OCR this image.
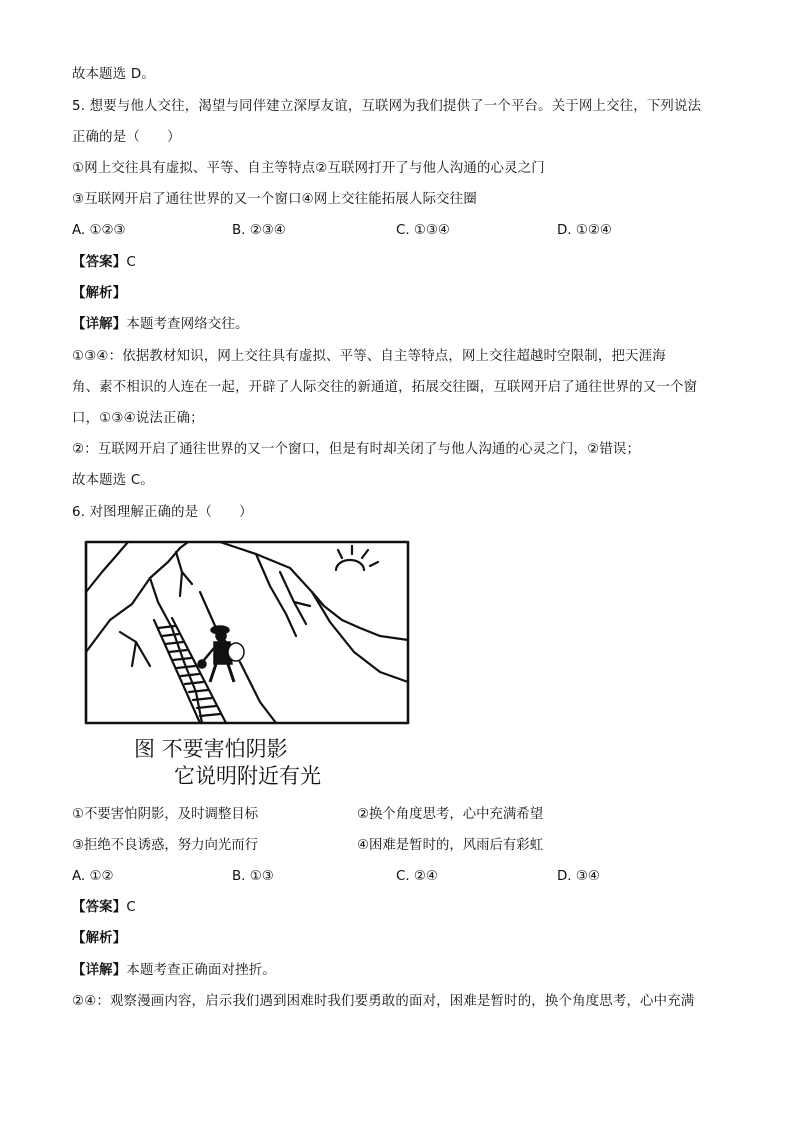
故本题选 D。
5. 想要与他人交往，渴望与同伴建立深厚友谊，互联网为我们提供了一个平台。关于网上交往，下列说法
正确的是（　　）
①网上交往具有虚拟、平等、自主等特点②互联网打开了与他人沟通的心灵之门
③互联网开启了通往世界的又一个窗口④网上交往能拓展人际交往圈
A. ①②③	B. ②③④	C. ①③④	D. ①②④
【答案】C
【解析】
【详解】本题考查网络交往。
①③④：依据教材知识，网上交往具有虚拟、平等、自主等特点，网上交往超越时空限制，把天涯海
角、素不相识的人连在一起，开辟了人际交往的新通道，拓展交往圈，互联网开启了通往世界的又一个窗
口，①③④说法正确；
②：互联网开启了通往世界的又一个窗口，但是有时却关闭了与他人沟通的心灵之门，②错误；
故本题选 C。
6. 对图理解正确的是（　　）
图 不要害怕阴影
它说明附近有光
①不要害怕阴影，及时调整目标	②换个角度思考，心中充满希望
③拒绝不良诱惑，努力向光而行	④困难是暂时的，风雨后有彩虹
A. ①②	B. ①③	C. ②④	D. ③④
【答案】C
【解析】
【详解】本题考查正确面对挫折。
②④：观察漫画内容，启示我们遇到困难时我们要勇敢的面对，困难是暂时的，换个角度思考，心中充满
